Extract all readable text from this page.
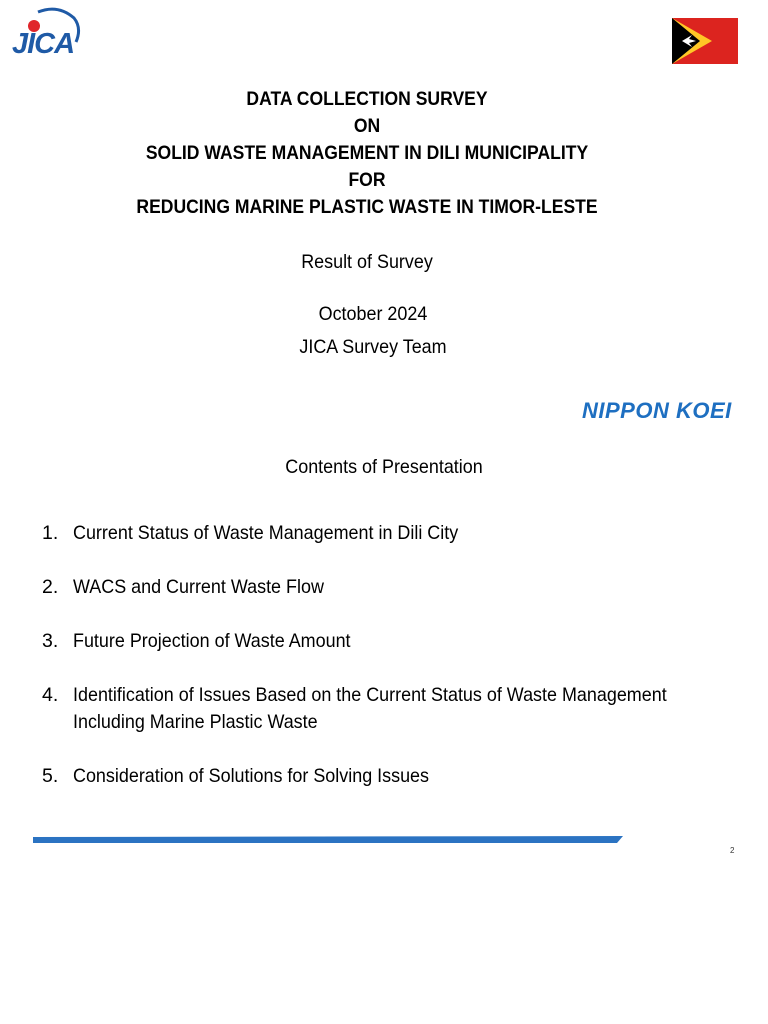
JICA
DATA COLLECTION SURVEY
ON
SOLID WASTE MANAGEMENT IN DILI MUNICIPALITY
FOR
REDUCING MARINE PLASTIC WASTE IN TIMOR-LESTE
Result of Survey
October 2024
JICA Survey Team
NIPPON KOEI
Contents of Presentation
1. Current Status of Waste Management in Dili City
2. WACS and Current Waste Flow
3. Future Projection of Waste Amount
4. Identification of Issues Based on the Current Status of Waste Management
Including Marine Plastic Waste
5. Consideration of Solutions for Solving Issues
2
